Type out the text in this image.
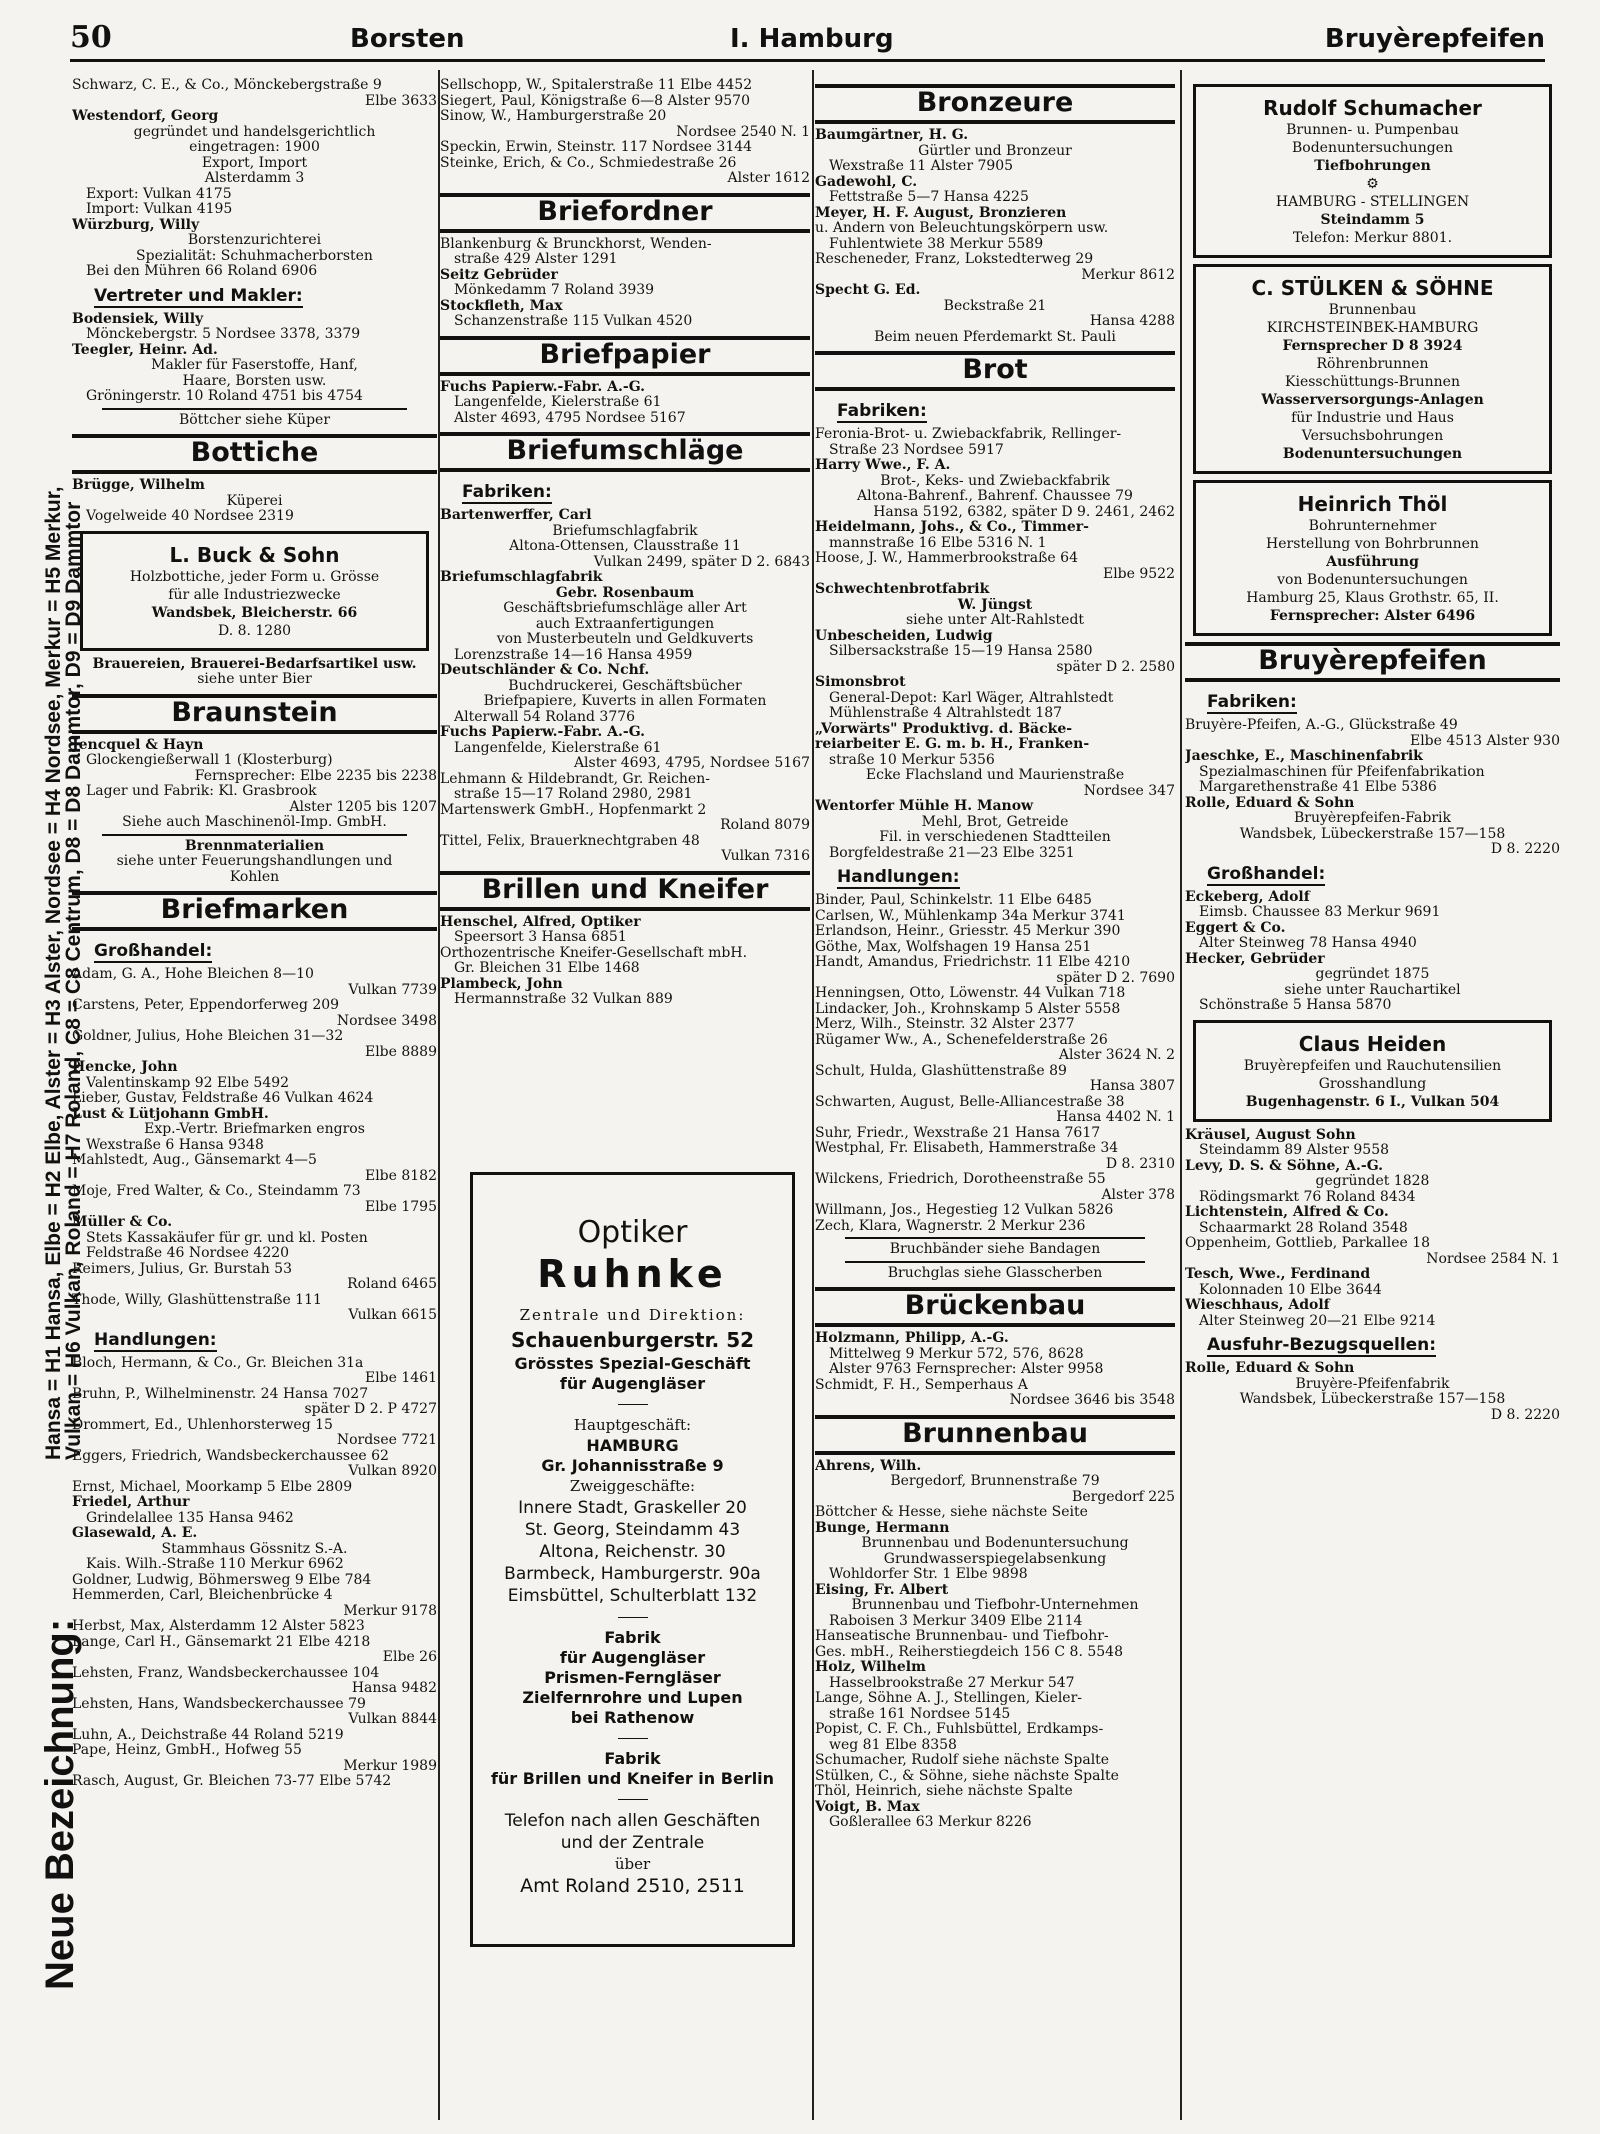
50	Borsten	I. Hamburg	Bruyèrepfeifen
Neue Bezeichnung:
Hansa = H1 Hansa, Elbe = H2 Elbe, Alster = H3 Alster, Nordsee = H4 Nordsee, Merkur = H5 Merkur,
Vulkan = H6 Vulkan, Roland = H7 Roland, C8 = C8 Centrum, D8 = D8 Dammtor, D9 = D9 Dammtor
Schwarz, C. E., & Co., Mönckebergstraße 9
Elbe 3633
Westendorf, Georg
gegründet und handelsgerichtlich
eingetragen: 1900
Export, Import
Alsterdamm 3
Export: Vulkan 4175
Import: Vulkan 4195
Würzburg, Willy
Borstenzurichterei
Spezialität: Schuhmacherborsten
Bei den Mühren 66 Roland 6906
Vertreter und Makler:
Bodensiek, Willy
Mönckebergstr. 5 Nordsee 3378, 3379
Teegler, Heinr. Ad.
Makler für Faserstoffe, Hanf,
Haare, Borsten usw.
Gröningerstr. 10 Roland 4751 bis 4754
Böttcher siehe Küper
Bottiche
Brügge, Wilhelm
Küperei
Vogelweide 40 Nordsee 2319
L. Buck & Sohn
Holzbottiche, jeder Form u. Grösse
für alle Industriezwecke
Wandsbek, Bleicherstr. 66
D. 8. 1280
Brauereien, Brauerei-Bedarfsartikel usw.
siehe unter Bier
Braunstein
Jencquel & Hayn
Glockengießerwall 1 (Klosterburg)
Fernsprecher: Elbe 2235 bis 2238
Lager und Fabrik: Kl. Grasbrook
Alster 1205 bis 1207
Siehe auch Maschinenöl-Imp. GmbH.
Brennmaterialien
siehe unter Feuerungshandlungen und
Kohlen
Briefmarken
Großhandel:
Adam, G. A., Hohe Bleichen 8—10
Vulkan 7739
Carstens, Peter, Eppendorferweg 209
Nordsee 3498
Goldner, Julius, Hohe Bleichen 31—32
Elbe 8889
Hencke, John
Valentinskamp 92 Elbe 5492
Lieber, Gustav, Feldstraße 46 Vulkan 4624
Lust & Lütjohann GmbH.
Exp.-Vertr. Briefmarken engros
Wexstraße 6 Hansa 9348
Mahlstedt, Aug., Gänsemarkt 4—5
Elbe 8182
Moje, Fred Walter, & Co., Steindamm 73
Elbe 1795
Müller & Co.
Stets Kassakäufer für gr. und kl. Posten
Feldstraße 46 Nordsee 4220
Reimers, Julius, Gr. Burstah 53
Roland 6465
Thode, Willy, Glashüttenstraße 111
Vulkan 6615
Handlungen:
Bloch, Hermann, & Co., Gr. Bleichen 31a
Elbe 1461
Bruhn, P., Wilhelminenstr. 24 Hansa 7027
später D 2. P 4727
Drommert, Ed., Uhlenhorsterweg 15
Nordsee 7721
Eggers, Friedrich, Wandsbeckerchaussee 62
Vulkan 8920
Ernst, Michael, Moorkamp 5 Elbe 2809
Friedel, Arthur
Grindelallee 135 Hansa 9462
Glasewald, A. E.
Stammhaus Gössnitz S.-A.
Kais. Wilh.-Straße 110 Merkur 6962
Goldner, Ludwig, Böhmersweg 9 Elbe 784
Hemmerden, Carl, Bleichenbrücke 4
Merkur 9178
Herbst, Max, Alsterdamm 12 Alster 5823
Lange, Carl H., Gänsemarkt 21 Elbe 4218
Elbe 26
Lehsten, Franz, Wandsbeckerchaussee 104
Hansa 9482
Lehsten, Hans, Wandsbeckerchaussee 79
Vulkan 8844
Luhn, A., Deichstraße 44 Roland 5219
Pape, Heinz, GmbH., Hofweg 55
Merkur 1989
Rasch, August, Gr. Bleichen 73-77 Elbe 5742
Sellschopp, W., Spitalerstraße 11 Elbe 4452
Siegert, Paul, Königstraße 6—8 Alster 9570
Sinow, W., Hamburgerstraße 20
Nordsee 2540 N. 1
Speckin, Erwin, Steinstr. 117 Nordsee 3144
Steinke, Erich, & Co., Schmiedestraße 26
Alster 1612
Briefordner
Blankenburg & Brunckhorst, Wenden-
straße 429 Alster 1291
Seitz Gebrüder
Mönkedamm 7 Roland 3939
Stockfleth, Max
Schanzenstraße 115 Vulkan 4520
Briefpapier
Fuchs Papierw.-Fabr. A.-G.
Langenfelde, Kielerstraße 61
Alster 4693, 4795 Nordsee 5167
Briefumschläge
Fabriken:
Bartenwerffer, Carl
Briefumschlagfabrik
Altona-Ottensen, Clausstraße 11
Vulkan 2499, später D 2. 6843
Briefumschlagfabrik
Gebr. Rosenbaum
Geschäftsbriefumschläge aller Art
auch Extraanfertigungen
von Musterbeuteln und Geldkuverts
Lorenzstraße 14—16 Hansa 4959
Deutschländer & Co. Nchf.
Buchdruckerei, Geschäftsbücher
Briefpapiere, Kuverts in allen Formaten
Alterwall 54 Roland 3776
Fuchs Papierw.-Fabr. A.-G.
Langenfelde, Kielerstraße 61
Alster 4693, 4795, Nordsee 5167
Lehmann & Hildebrandt, Gr. Reichen-
straße 15—17 Roland 2980, 2981
Martenswerk GmbH., Hopfenmarkt 2
Roland 8079
Tittel, Felix, Brauerknechtgraben 48
Vulkan 7316
Brillen und Kneifer
Henschel, Alfred, Optiker
Speersort 3 Hansa 6851
Orthozentrische Kneifer-Gesellschaft mbH.
Gr. Bleichen 31 Elbe 1468
Plambeck, John
Hermannstraße 32 Vulkan 889
Bronzeure
Baumgärtner, H. G.
Gürtler und Bronzeur
Wexstraße 11 Alster 7905
Gadewohl, C.
Fettstraße 5—7 Hansa 4225
Meyer, H. F. August, Bronzieren
u. Ändern von Beleuchtungskörpern usw.
Fuhlentwiete 38 Merkur 5589
Rescheneder, Franz, Lokstedterweg 29
Merkur 8612
Specht G. Ed.
Beckstraße 21
Hansa 4288
Beim neuen Pferdemarkt St. Pauli
Brot
Fabriken:
Feronia-Brot- u. Zwiebackfabrik, Rellinger-
Straße 23 Nordsee 5917
Harry Wwe., F. A.
Brot-, Keks- und Zwiebackfabrik
Altona-Bahrenf., Bahrenf. Chaussee 79
Hansa 5192, 6382, später D 9. 2461, 2462
Heidelmann, Johs., & Co., Timmer-
mannstraße 16 Elbe 5316 N. 1
Hoose, J. W., Hammerbrookstraße 64
Elbe 9522
Schwechtenbrotfabrik
W. Jüngst
siehe unter Alt-Rahlstedt
Unbescheiden, Ludwig
Silbersackstraße 15—19 Hansa 2580
später D 2. 2580
Simonsbrot
General-Depot: Karl Wäger, Altrahlstedt
Mühlenstraße 4 Altrahlstedt 187
„Vorwärts" Produktivg. d. Bäcke-
reiarbeiter E. G. m. b. H., Franken-
straße 10 Merkur 5356
Ecke Flachsland und Maurienstraße
Nordsee 347
Wentorfer Mühle H. Manow
Mehl, Brot, Getreide
Fil. in verschiedenen Stadtteilen
Borgfeldestraße 21—23 Elbe 3251
Handlungen:
Binder, Paul, Schinkelstr. 11 Elbe 6485
Carlsen, W., Mühlenkamp 34a Merkur 3741
Erlandson, Heinr., Griesstr. 45 Merkur 390
Göthe, Max, Wolfshagen 19 Hansa 251
Handt, Amandus, Friedrichstr. 11 Elbe 4210
später D 2. 7690
Henningsen, Otto, Löwenstr. 44 Vulkan 718
Lindacker, Joh., Krohnskamp 5 Alster 5558
Merz, Wilh., Steinstr. 32 Alster 2377
Rügamer Ww., A., Schenefelderstraße 26
Alster 3624 N. 2
Schult, Hulda, Glashüttenstraße 89
Hansa 3807
Schwarten, August, Belle-Alliancestraße 38
Hansa 4402 N. 1
Suhr, Friedr., Wexstraße 21 Hansa 7617
Westphal, Fr. Elisabeth, Hammerstraße 34
D 8. 2310
Wilckens, Friedrich, Dorotheenstraße 55
Alster 378
Willmann, Jos., Hegestieg 12 Vulkan 5826
Zech, Klara, Wagnerstr. 2 Merkur 236
Bruchbänder siehe Bandagen
Bruchglas siehe Glasscherben
Brückenbau
Holzmann, Philipp, A.-G.
Mittelweg 9 Merkur 572, 576, 8628
Alster 9763 Fernsprecher: Alster 9958
Schmidt, F. H., Semperhaus A
Nordsee 3646 bis 3548
Brunnenbau
Ahrens, Wilh.
Bergedorf, Brunnenstraße 79
Bergedorf 225
Böttcher & Hesse, siehe nächste Seite
Bunge, Hermann
Brunnenbau und Bodenuntersuchung
Grundwasserspiegelabsenkung
Wohldorfer Str. 1 Elbe 9898
Eising, Fr. Albert
Brunnenbau und Tiefbohr-Unternehmen
Raboisen 3 Merkur 3409 Elbe 2114
Hanseatische Brunnenbau- und Tiefbohr-
Ges. mbH., Reiherstiegdeich 156 C 8. 5548
Holz, Wilhelm
Hasselbrookstraße 27 Merkur 547
Lange, Söhne A. J., Stellingen, Kieler-
straße 161 Nordsee 5145
Popist, C. F. Ch., Fuhlsbüttel, Erdkamps-
weg 81 Elbe 8358
Schumacher, Rudolf siehe nächste Spalte
Stülken, C., & Söhne, siehe nächste Spalte
Thöl, Heinrich, siehe nächste Spalte
Voigt, B. Max
Goßlerallee 63 Merkur 8226
Rudolf Schumacher
Brunnen- u. Pumpenbau
Bodenuntersuchungen
Tiefbohrungen
⚙
HAMBURG - STELLINGEN
Steindamm 5
Telefon: Merkur 8801.
C. STÜLKEN & SÖHNE
Brunnenbau
KIRCHSTEINBEK-HAMBURG
Fernsprecher D 8 3924
Röhrenbrunnen
Kiesschüttungs-Brunnen
Wasserversorgungs-Anlagen
für Industrie und Haus
Versuchsbohrungen
Bodenuntersuchungen
Heinrich Thöl
Bohrunternehmer
Herstellung von Bohrbrunnen
Ausführung
von Bodenuntersuchungen
Hamburg 25, Klaus Grothstr. 65, II.
Fernsprecher: Alster 6496
Bruyèrepfeifen
Fabriken:
Bruyère-Pfeifen, A.-G., Glückstraße 49
Elbe 4513 Alster 930
Jaeschke, E., Maschinenfabrik
Spezialmaschinen für Pfeifenfabrikation
Margarethenstraße 41 Elbe 5386
Rolle, Eduard & Sohn
Bruyèrepfeifen-Fabrik
Wandsbek, Lübeckerstraße 157—158
D 8. 2220
Großhandel:
Eckeberg, Adolf
Eimsb. Chaussee 83 Merkur 9691
Eggert & Co.
Alter Steinweg 78 Hansa 4940
Hecker, Gebrüder
gegründet 1875
siehe unter Rauchartikel
Schönstraße 5 Hansa 5870
Claus Heiden
Bruyèrepfeifen und Rauchutensilien
Grosshandlung
Bugenhagenstr. 6 I., Vulkan 504
Kräusel, August Sohn
Steindamm 89 Alster 9558
Levy, D. S. & Söhne, A.-G.
gegründet 1828
Rödingsmarkt 76 Roland 8434
Lichtenstein, Alfred & Co.
Schaarmarkt 28 Roland 3548
Oppenheim, Gottlieb, Parkallee 18
Nordsee 2584 N. 1
Tesch, Wwe., Ferdinand
Kolonnaden 10 Elbe 3644
Wieschhaus, Adolf
Alter Steinweg 20—21 Elbe 9214
Ausfuhr-Bezugsquellen:
Rolle, Eduard & Sohn
Bruyère-Pfeifenfabrik
Wandsbek, Lübeckerstraße 157—158
D 8. 2220
Optiker
Ruhnke
Zentrale und Direktion:
Schauenburgerstr. 52
Grösstes Spezial-Geschäft
für Augengläser
Hauptgeschäft:
HAMBURG
Gr. Johannisstraße 9
Zweiggeschäfte:
Innere Stadt, Graskeller 20
St. Georg, Steindamm 43
Altona, Reichenstr. 30
Barmbeck, Hamburgerstr. 90a
Eimsbüttel, Schulterblatt 132
Fabrik
für Augengläser
Prismen-Ferngläser
Zielfernrohre und Lupen
bei Rathenow
Fabrik
für Brillen und Kneifer in Berlin
Telefon nach allen Geschäften
und der Zentrale
über
Amt Roland 2510, 2511
